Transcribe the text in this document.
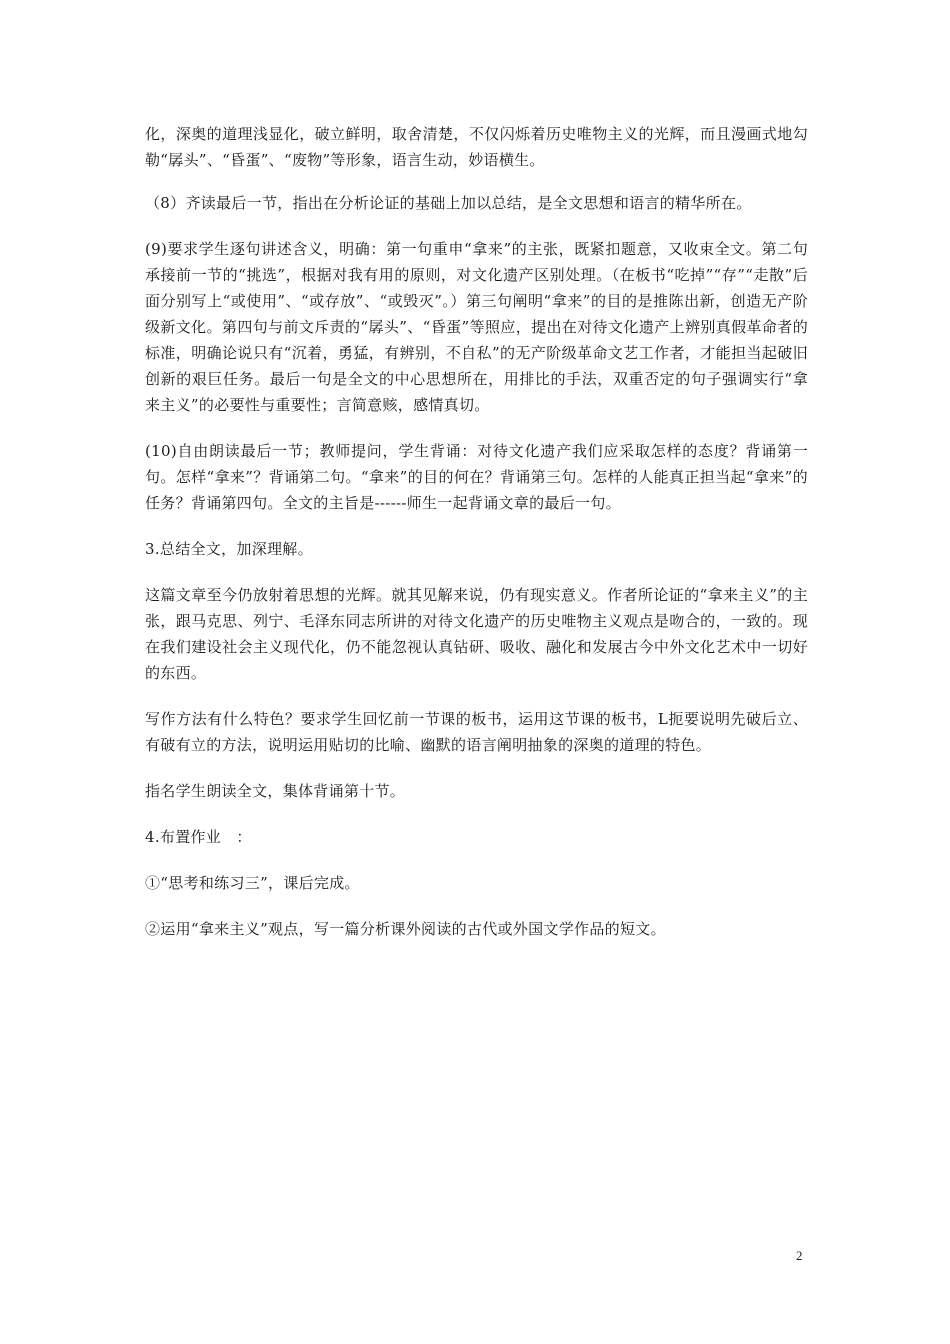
化，深奥的道理浅显化，破立鲜明，取舍清楚，不仅闪烁着历史唯物主义的光辉，而且漫画式地勾勒“孱头”、“昏蛋”、“废物”等形象，语言生动，妙语横生。

（8）齐读最后一节，指出在分析论证的基础上加以总结，是全文思想和语言的精华所在。

(9)要求学生逐句讲述含义，明确：第一句重申“拿来”的主张，既紧扣题意，又收束全文。第二句承接前一节的“挑选”，根据对我有用的原则，对文化遗产区别处理。（在板书“吃掉”“存”“走散”后面分别写上“或使用”、“或存放”、“或毁灭”。）第三句阐明“拿来”的目的是推陈出新，创造无产阶级新文化。第四句与前文斥责的“孱头”、“昏蛋”等照应，提出在对待文化遗产上辨别真假革命者的标准，明确论说只有“沉着，勇猛，有辨别，不自私”的无产阶级革命文艺工作者，才能担当起破旧创新的艰巨任务。最后一句是全文的中心思想所在，用排比的手法，双重否定的句子强调实行“拿来主义”的必要性与重要性；言简意赅，感情真切。

(10)自由朗读最后一节；教师提问，学生背诵：对待文化遗产我们应采取怎样的态度？背诵第一句。怎样“拿来”？背诵第二句。“拿来”的目的何在？背诵第三句。怎样的人能真正担当起“拿来”的任务？背诵第四句。全文的主旨是------师生一起背诵文章的最后一句。

3.总结全文，加深理解。

这篇文章至今仍放射着思想的光辉。就其见解来说，仍有现实意义。作者所论证的“拿来主义”的主张，跟马克思、列宁、毛泽东同志所讲的对待文化遗产的历史唯物主义观点是吻合的，一致的。现在我们建设社会主义现代化，仍不能忽视认真钻研、吸收、融化和发展古今中外文化艺术中一切好的东西。

写作方法有什么特色？要求学生回忆前一节课的板书，运用这节课的板书，L扼要说明先破后立、有破有立的方法，说明运用贴切的比喻、幽默的语言阐明抽象的深奥的道理的特色。

指名学生朗读全文，集体背诵第十节。

4.布置作业　：

①“思考和练习三”，课后完成。

②运用“拿来主义”观点，写一篇分析课外阅读的古代或外国文学作品的短文。

2
